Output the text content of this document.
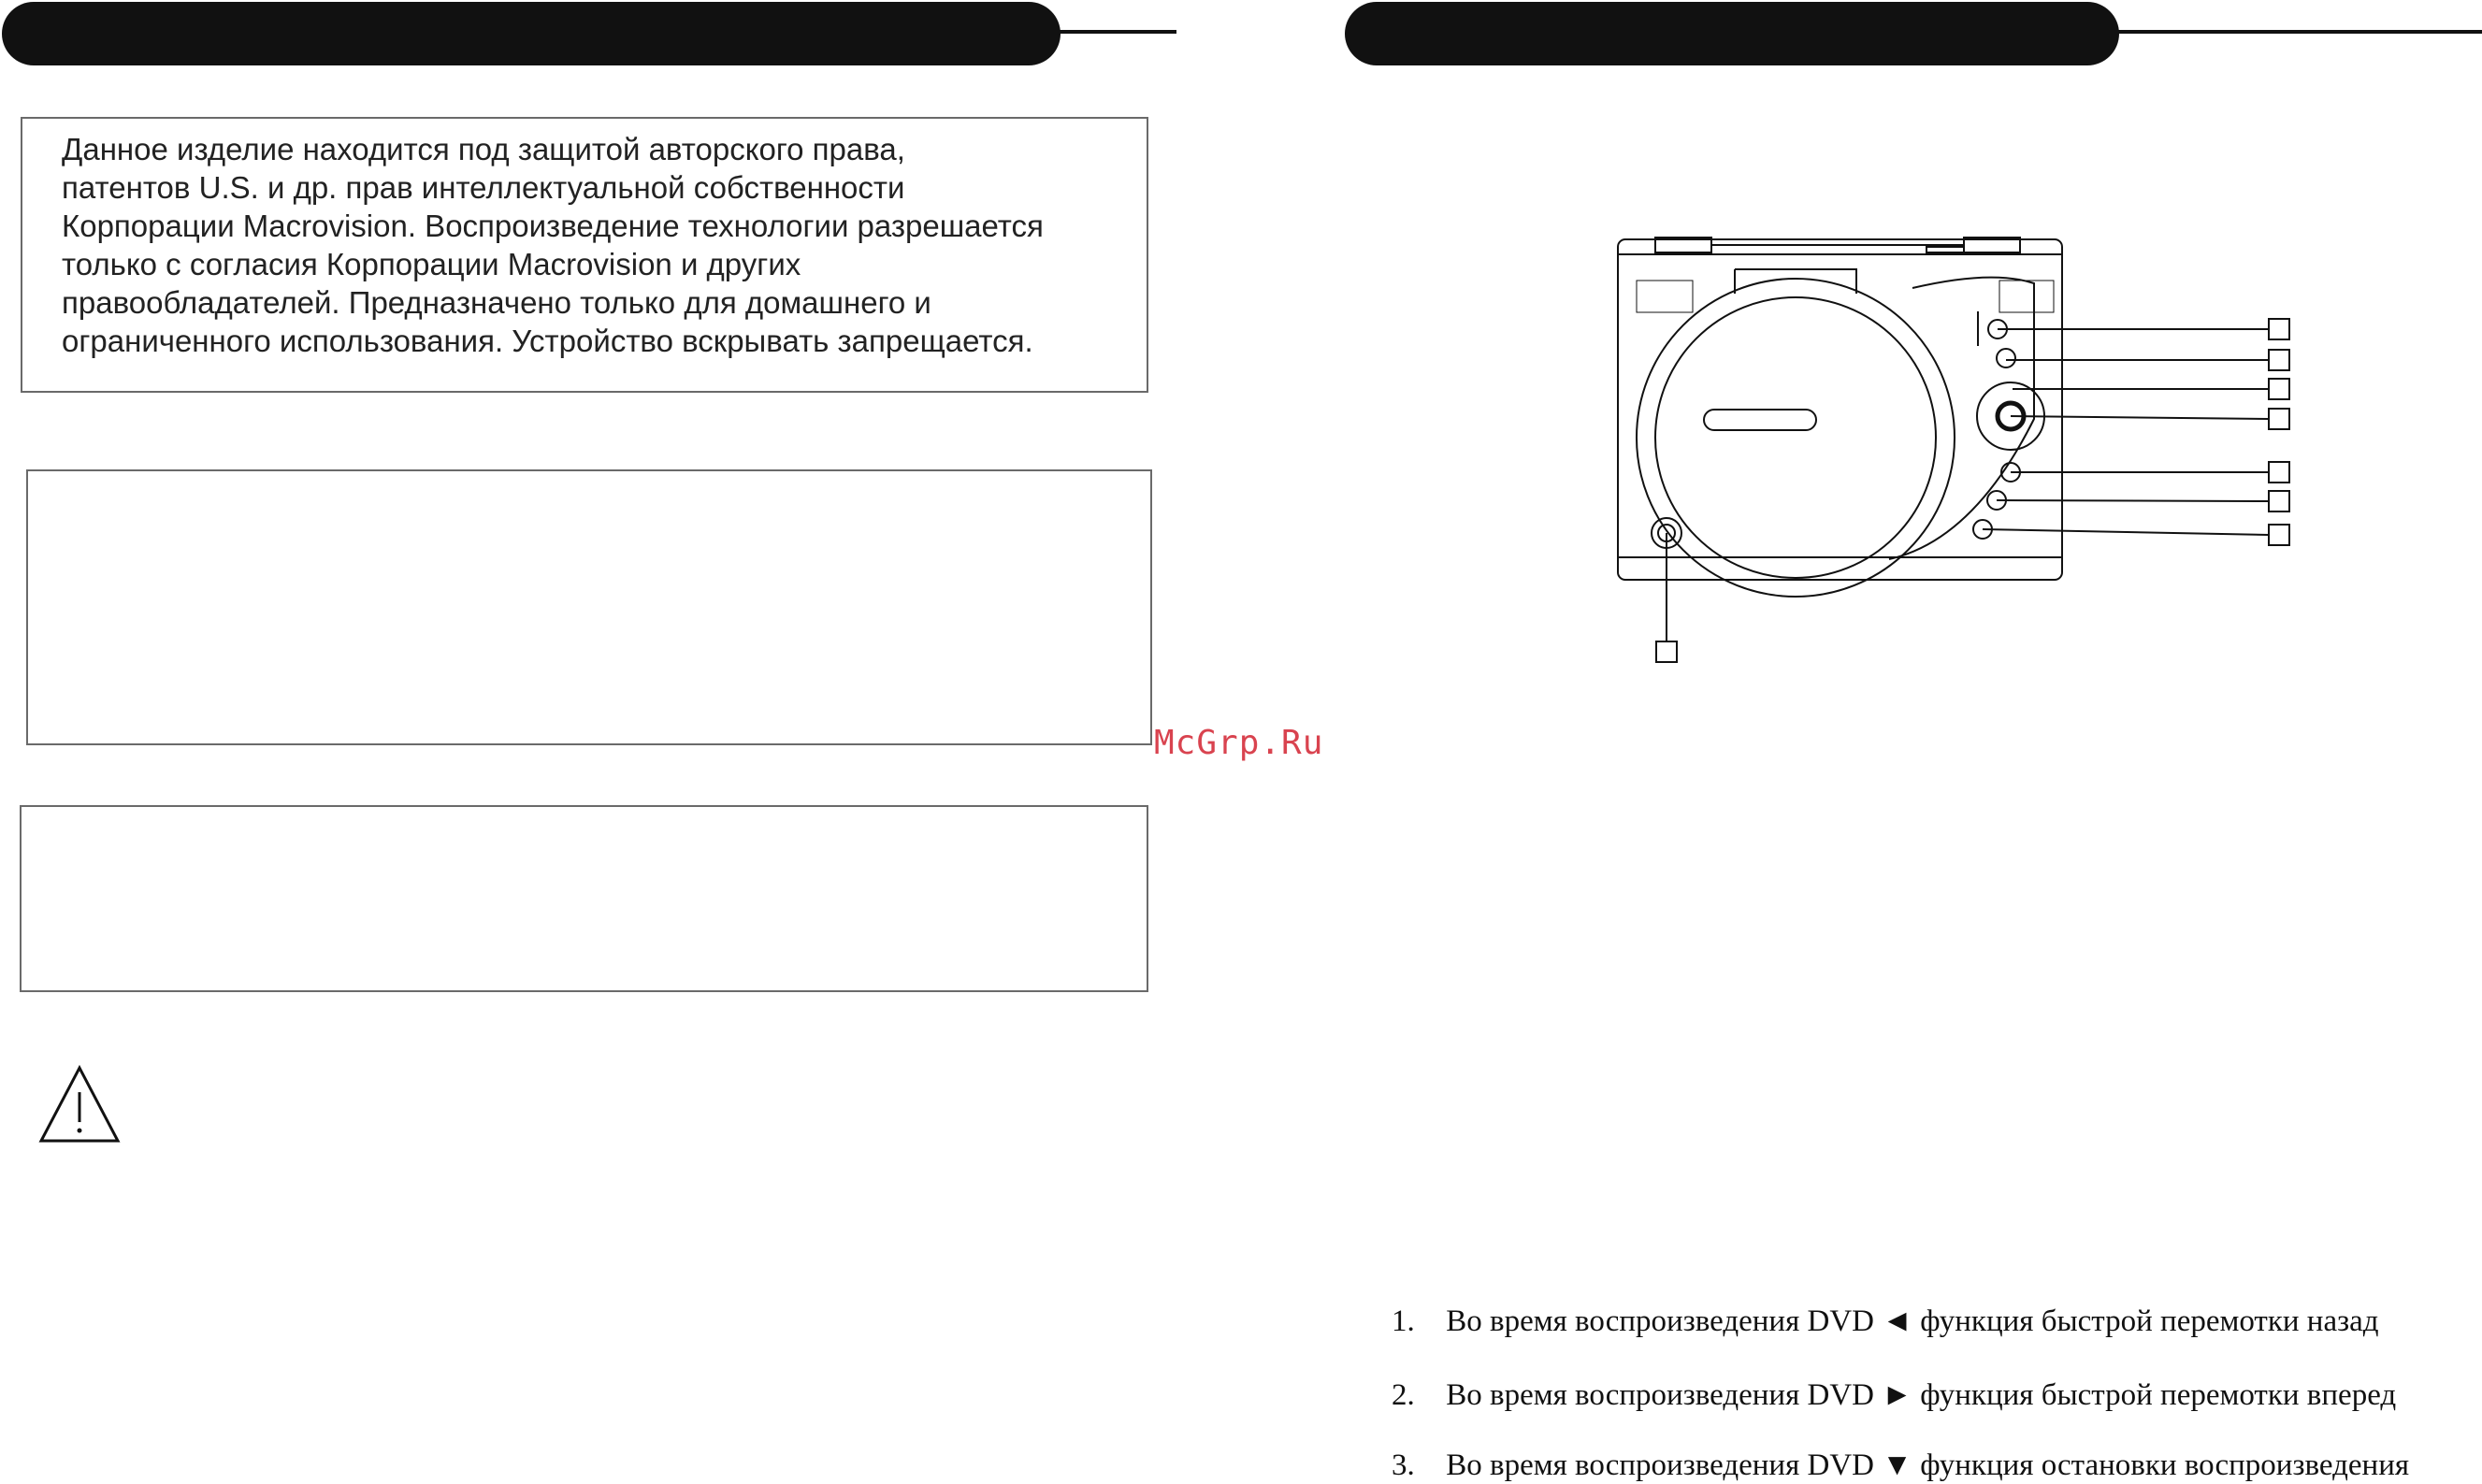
Данное изделие находится под защитой авторского права,
патентов U.S. и др. прав интеллектуальной собственности
Корпорации Macrovision. Воспроизведение технологии разрешается
только с согласия Корпорации Macrovision и других
правообладателей. Предназначено только для домашнего и
ограниченного использования. Устройство вскрывать запрещается.
McGrp.Ru
1. Во время воспроизведения DVD ◄ функция быстрой перемотки назад
2. Во время воспроизведения DVD ► функция быстрой перемотки вперед
3. Во время воспроизведения DVD ▼ функция остановки воспроизведения
